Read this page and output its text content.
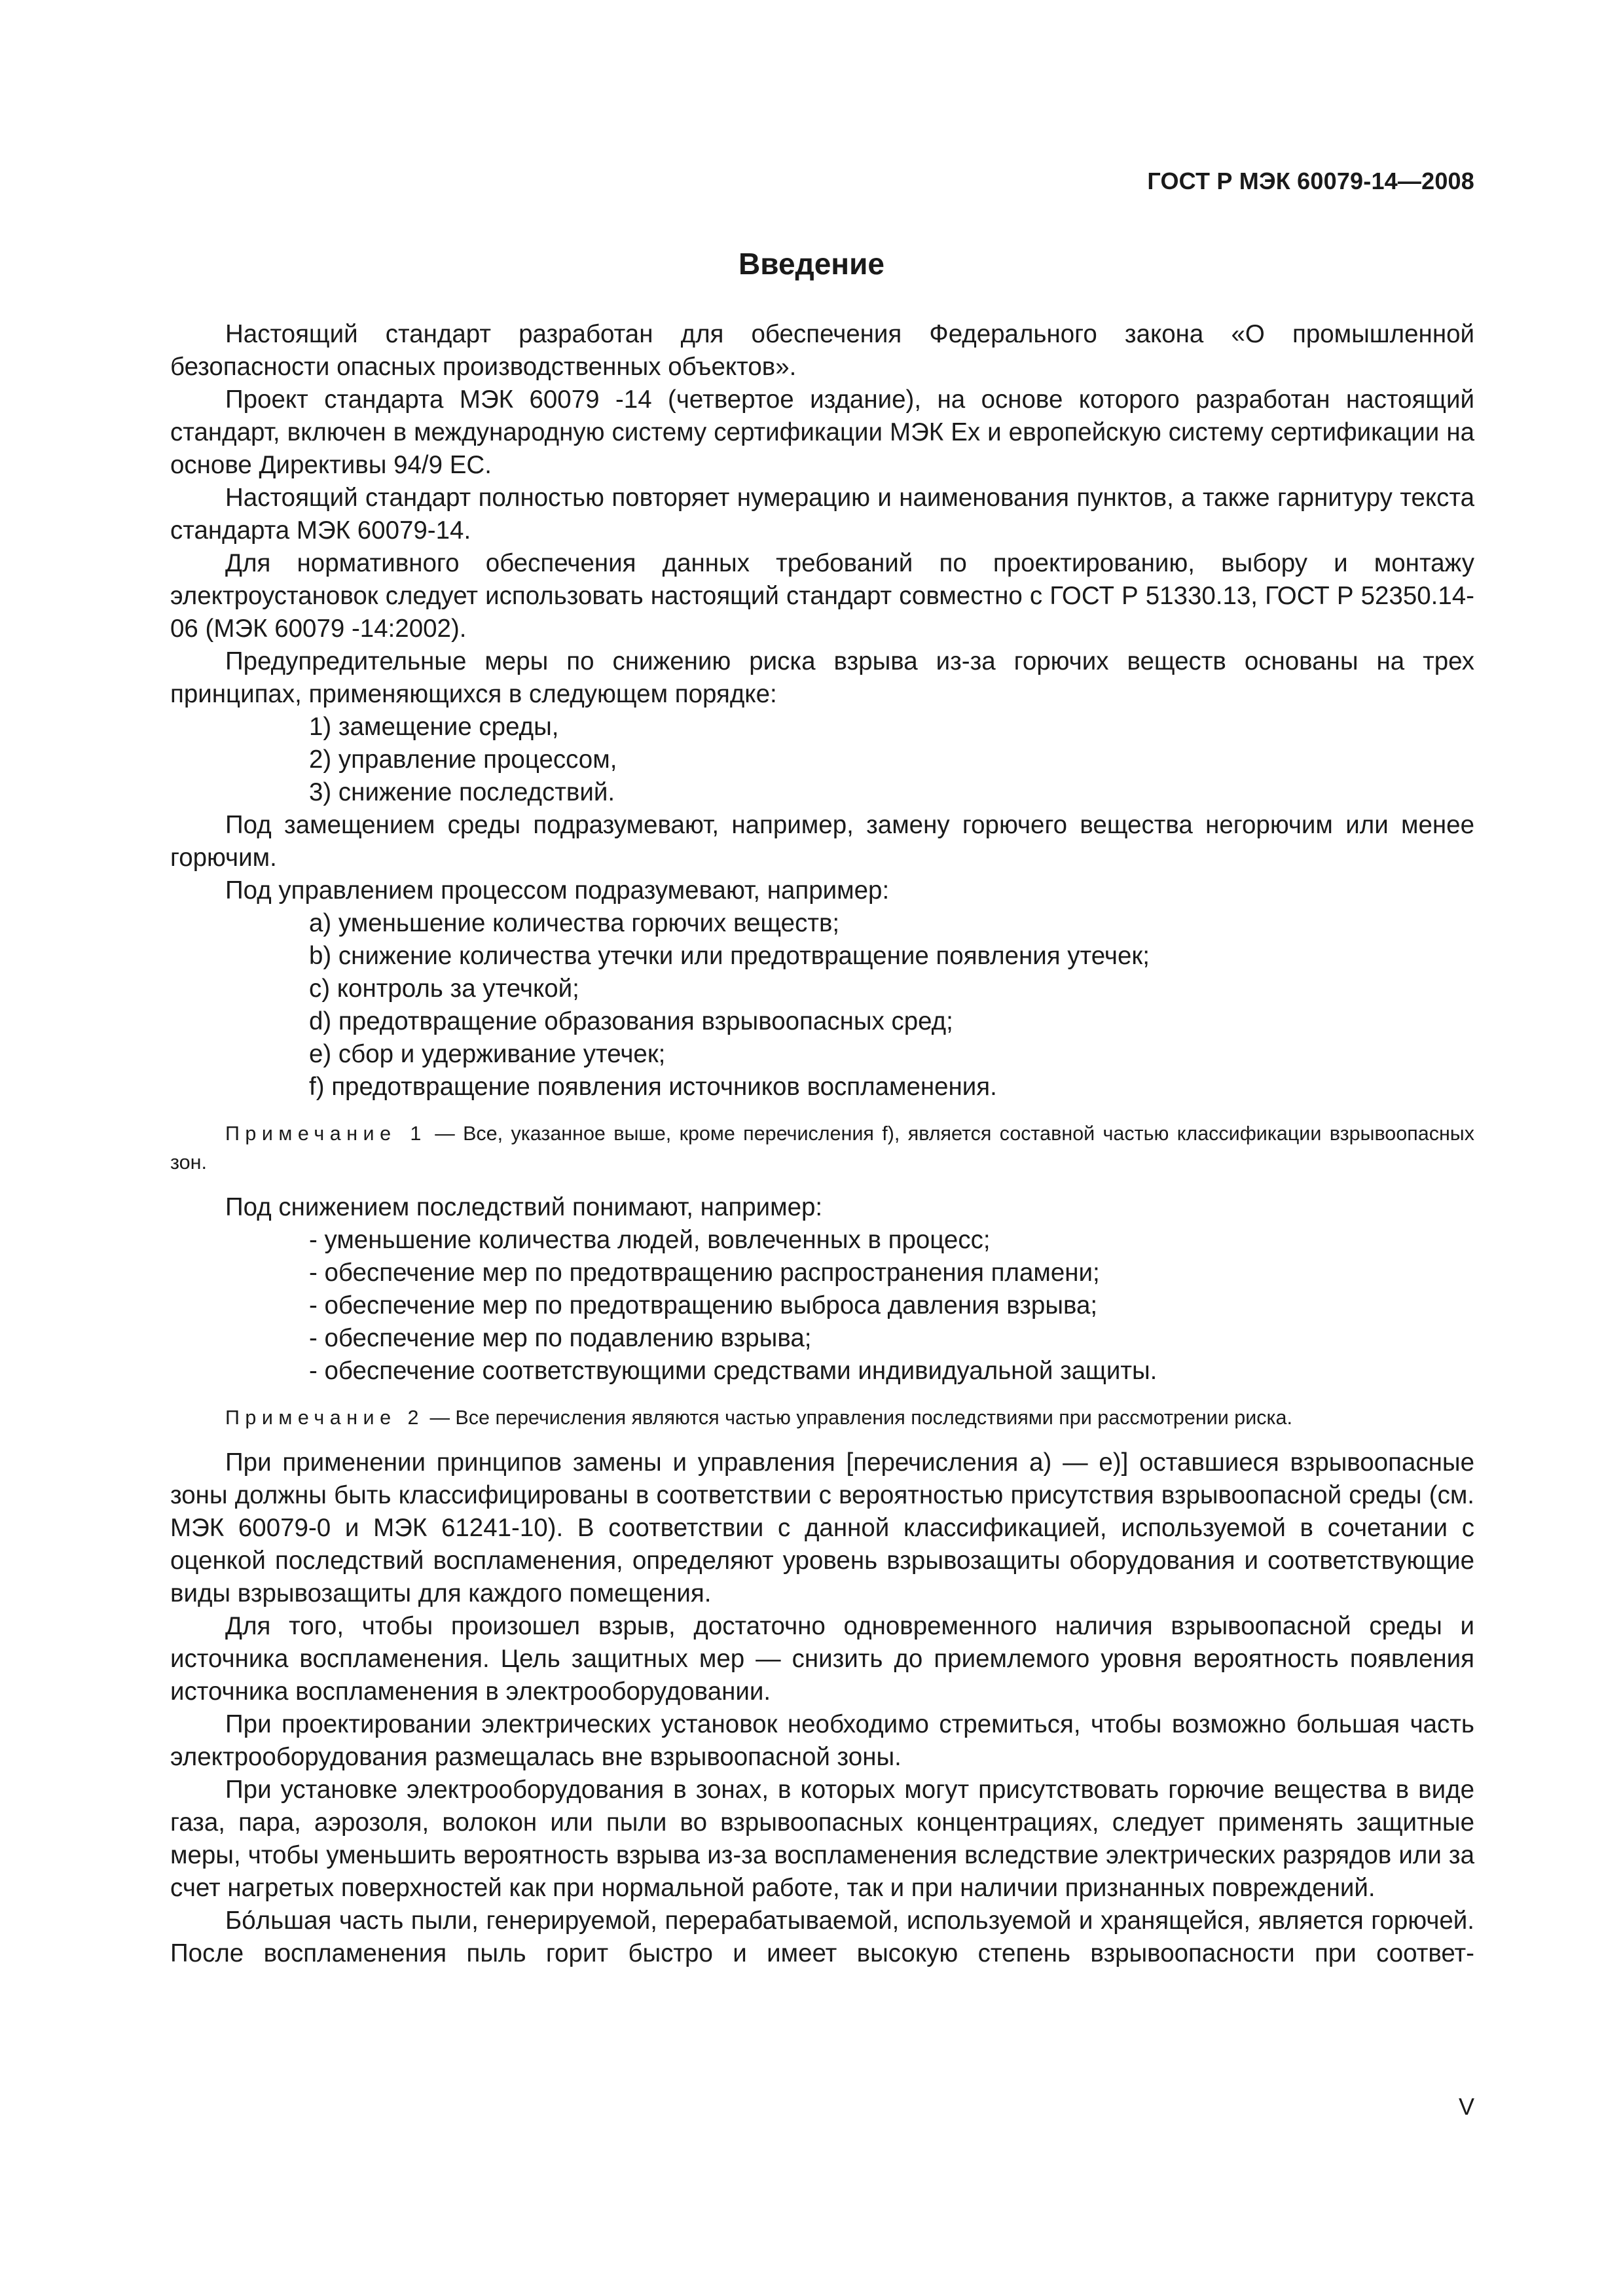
ГОСТ Р МЭК 60079-14—2008
Введение

Настоящий стандарт разработан для обеспечения Федерального закона «О промышленной безопасности опасных производственных объектов».

Проект стандарта МЭК 60079 -14 (четвертое издание), на основе которого разработан настоящий стандарт, включен в международную систему сертификации МЭК Ех и европейскую систему сертификации на основе Директивы 94/9 ЕС.

Настоящий стандарт полностью повторяет нумерацию и наименования пунктов, а также гарнитуру текста стандарта МЭК 60079-14.

Для нормативного обеспечения данных требований по проектированию, выбору и монтажу электроустановок следует использовать настоящий стандарт совместно с ГОСТ Р 51330.13, ГОСТ Р 52350.14-06 (МЭК 60079 -14:2002).

Предупредительные меры по снижению риска взрыва из-за горючих веществ основаны на трех принципах, применяющихся в следующем порядке:

1) замещение среды,
2) управление процессом,
3) снижение последствий.

Под замещением среды подразумевают, например, замену горючего вещества негорючим или менее горючим.

Под управлением процессом подразумевают, например:

a) уменьшение количества горючих веществ;
b) снижение количества утечки или предотвращение появления утечек;
c) контроль за утечкой;
d) предотвращение образования взрывоопасных сред;
e) сбор и удерживание утечек;
f) предотвращение появления источников воспламенения.
Примечание 1 — Все, указанное выше, кроме перечисления f), является составной частью классификации взрывоопасных зон.

Под снижением последствий понимают, например:

- уменьшение количества людей, вовлеченных в процесс;
- обеспечение мер по предотвращению распространения пламени;
- обеспечение мер по предотвращению выброса давления взрыва;
- обеспечение мер по подавлению взрыва;
- обеспечение соответствующими средствами индивидуальной защиты.
Примечание 2 — Все перечисления являются частью управления последствиями при рассмотрении риска.

При применении принципов замены и управления [перечисления a) — e)] оставшиеся взрывоопасные зоны должны быть классифицированы в соответствии с вероятностью присутствия взрывоопасной среды (см. МЭК 60079-0 и МЭК 61241-10). В соответствии с данной классификацией, используемой в сочетании с оценкой последствий воспламенения, определяют уровень взрывозащиты оборудования и соответствующие виды взрывозащиты для каждого помещения.

Для того, чтобы произошел взрыв, достаточно одновременного наличия взрывоопасной среды и источника воспламенения. Цель защитных мер — снизить до приемлемого уровня вероятность появления источника воспламенения в электрооборудовании.

При проектировании электрических установок необходимо стремиться, чтобы возможно большая часть электрооборудования размещалась вне взрывоопасной зоны.

При установке электрооборудования в зонах, в которых могут присутствовать горючие вещества в виде газа, пара, аэрозоля, волокон или пыли во взрывоопасных концентрациях, следует применять защитные меры, чтобы уменьшить вероятность взрыва из-за воспламенения вследствие электрических разрядов или за счет нагретых поверхностей как при нормальной работе, так и при наличии признанных повреждений.

Бо́льшая часть пыли, генерируемой, перерабатываемой, используемой и хранящейся, является горючей. После воспламенения пыль горит быстро и имеет высокую степень взрывоопасности при соответ-

V
